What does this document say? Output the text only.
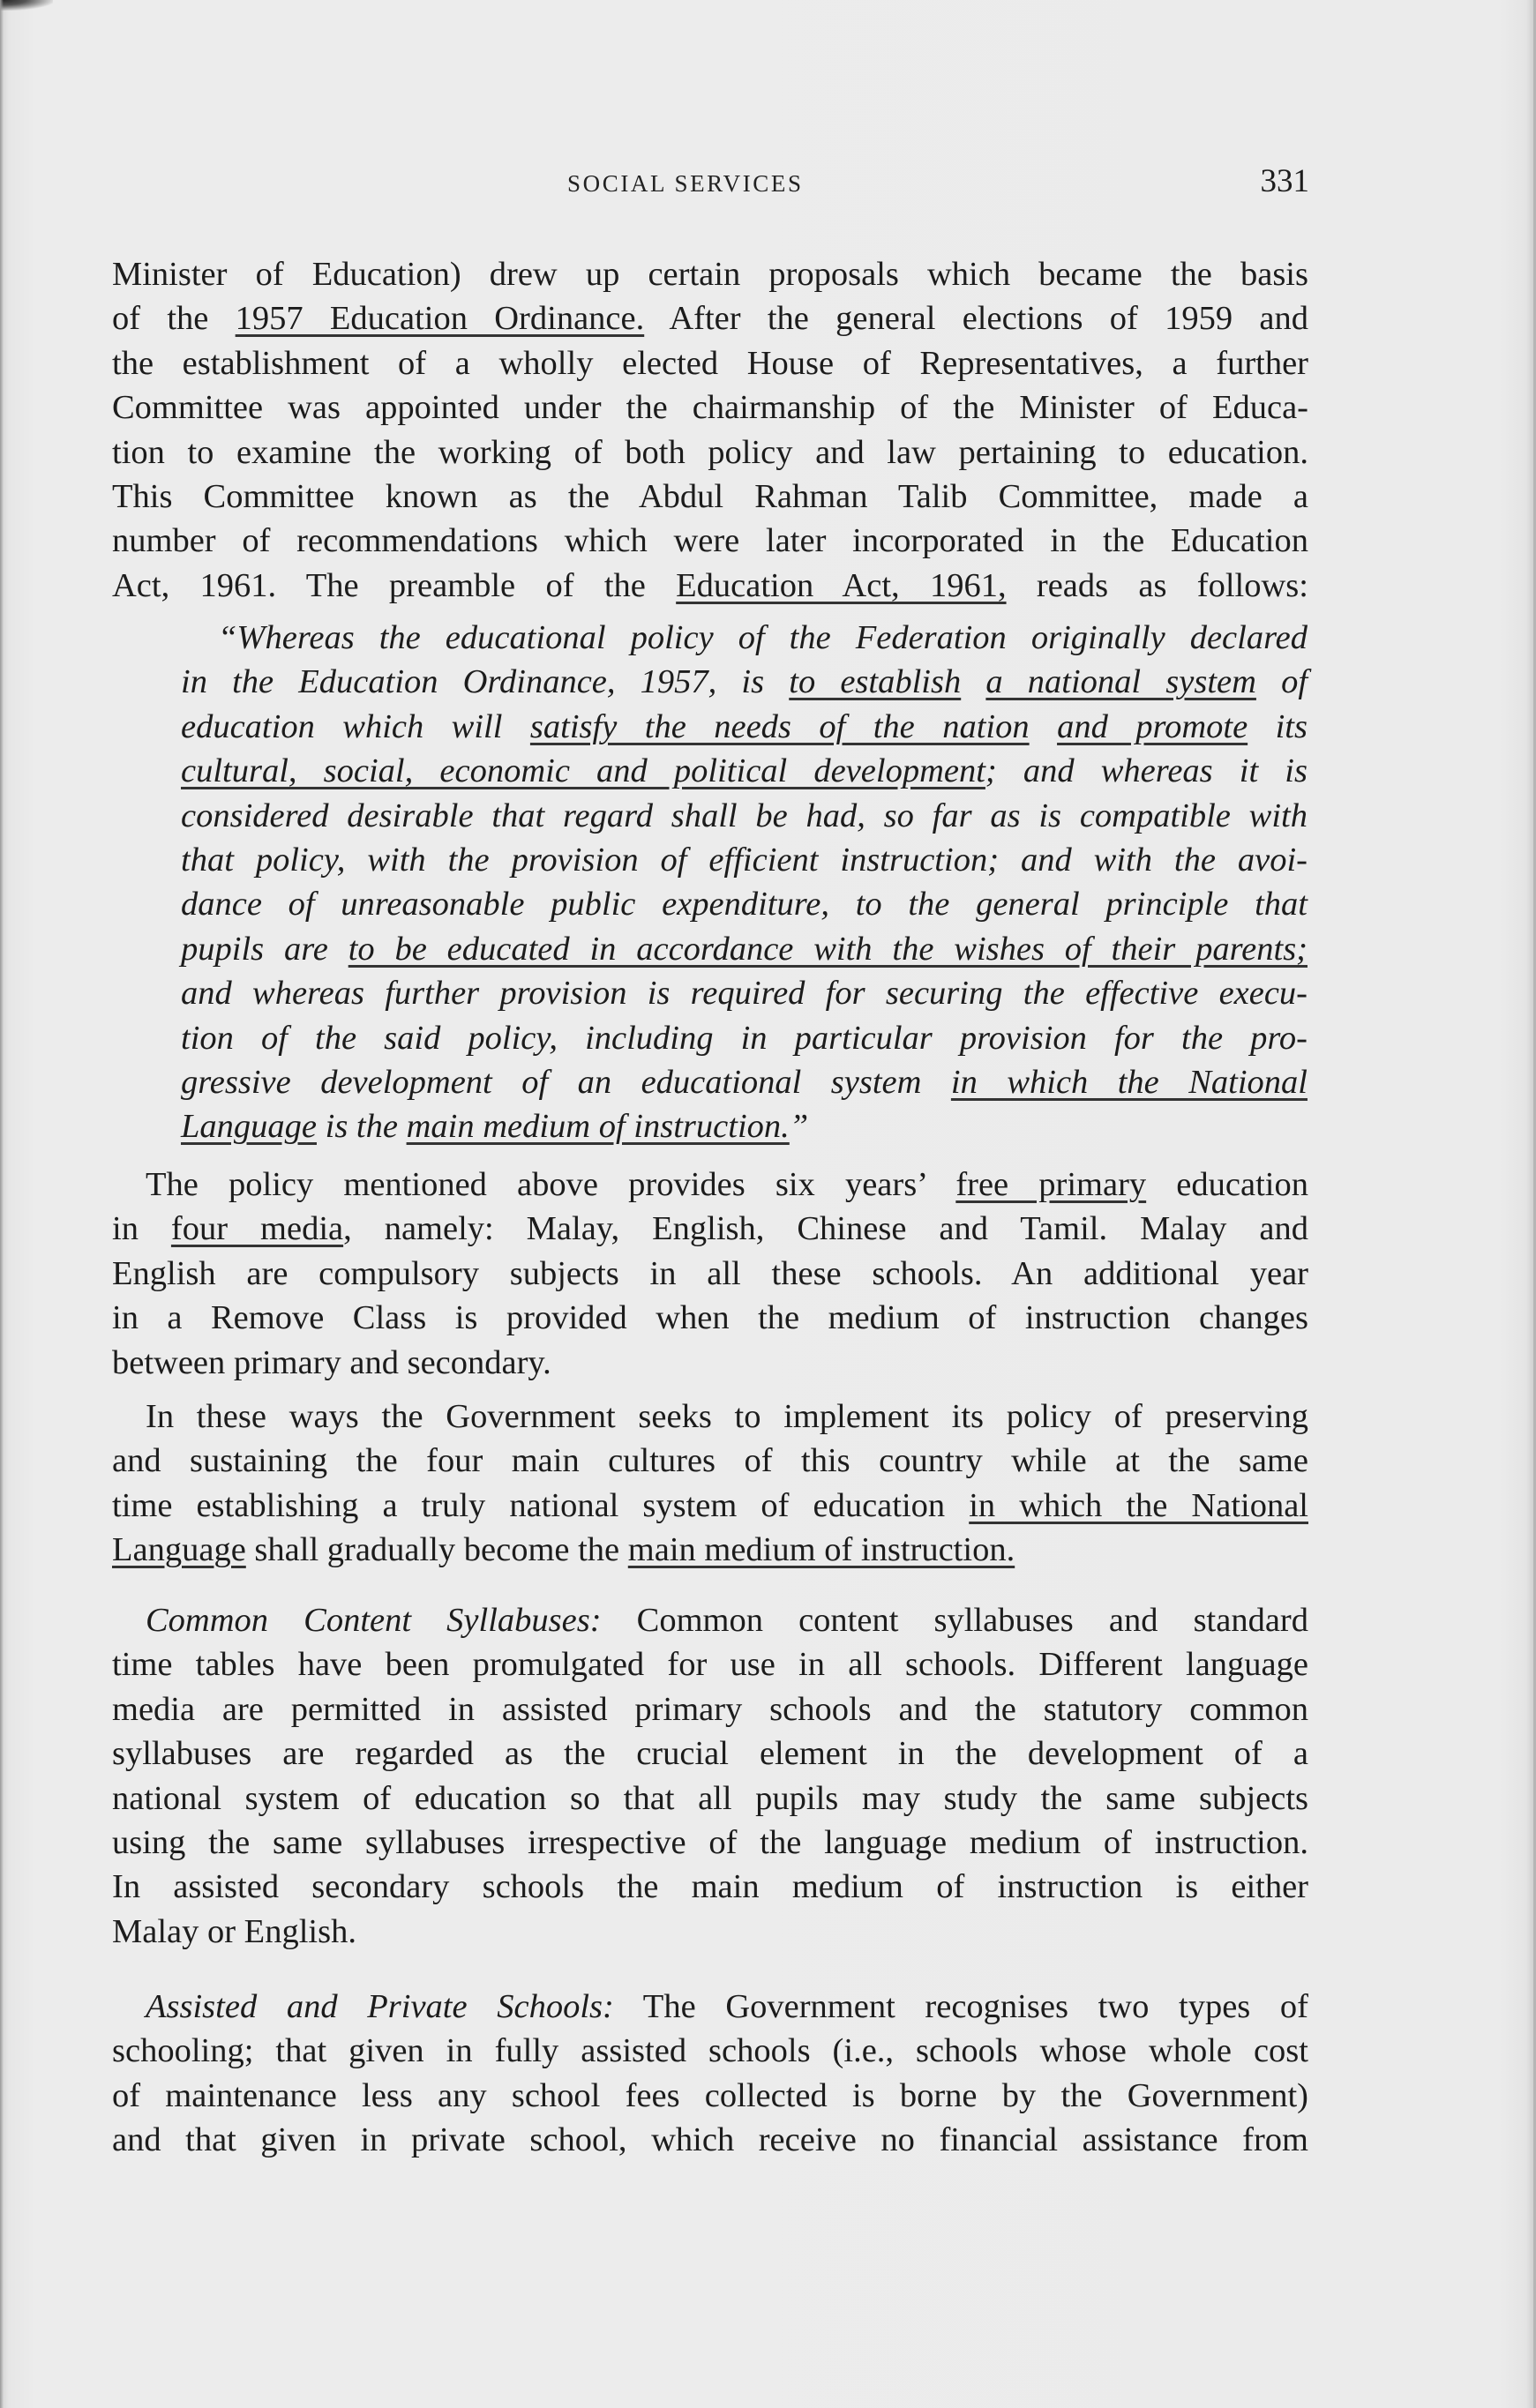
SOCIAL SERVICES	331
Minister of Education) drew up certain proposals which became the basis
of the 1957 Education Ordinance. After the general elections of 1959 and
the establishment of a wholly elected House of Representatives, a further
Committee was appointed under the chairmanship of the Minister of Educa-
tion to examine the working of both policy and law pertaining to education.
This Committee known as the Abdul Rahman Talib Committee, made a
number of recommendations which were later incorporated in the Education
Act, 1961. The preamble of the Education Act, 1961, reads as follows:
“Whereas the educational policy of the Federation originally declared
in the Education Ordinance, 1957, is to establish a national system of
education which will satisfy the needs of the nation and promote its
cultural, social, economic and political development; and whereas it is
considered desirable that regard shall be had, so far as is compatible with
that policy, with the provision of efficient instruction; and with the avoi-
dance of unreasonable public expenditure, to the general principle that
pupils are to be educated in accordance with the wishes of their parents;
and whereas further provision is required for securing the effective execu-
tion of the said policy, including in particular provision for the pro-
gressive development of an educational system in which the National
Language is the main medium of instruction.”
The policy mentioned above provides six years’ free primary education
in four media, namely: Malay, English, Chinese and Tamil. Malay and
English are compulsory subjects in all these schools. An additional year
in a Remove Class is provided when the medium of instruction changes
between primary and secondary.
In these ways the Government seeks to implement its policy of preserving
and sustaining the four main cultures of this country while at the same
time establishing a truly national system of education in which the National
Language shall gradually become the main medium of instruction.
Common Content Syllabuses: Common content syllabuses and standard
time tables have been promulgated for use in all schools. Different language
media are permitted in assisted primary schools and the statutory common
syllabuses are regarded as the crucial element in the development of a
national system of education so that all pupils may study the same subjects
using the same syllabuses irrespective of the language medium of instruction.
In assisted secondary schools the main medium of instruction is either
Malay or English.
Assisted and Private Schools: The Government recognises two types of
schooling; that given in fully assisted schools (i.e., schools whose whole cost
of maintenance less any school fees collected is borne by the Government)
and that given in private school, which receive no financial assistance from
